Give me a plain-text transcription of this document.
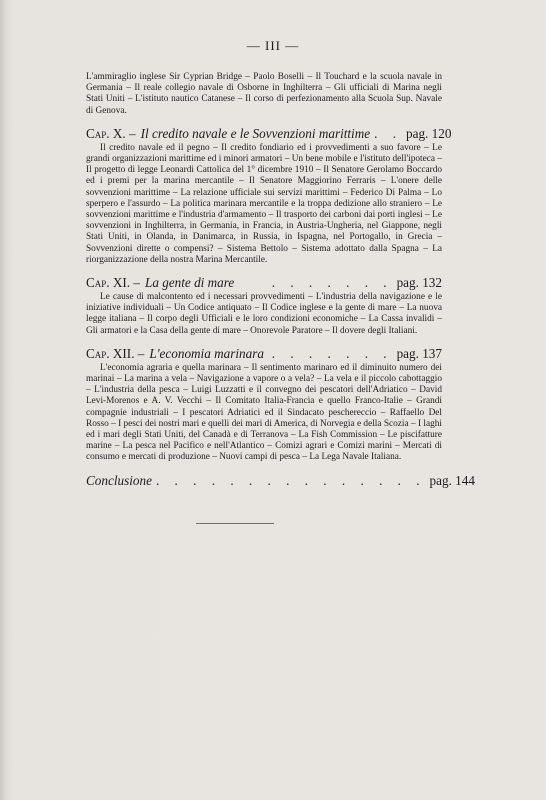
— III —

L'ammiraglio inglese Sir Cyprian Bridge – Paolo Boselli – Il Touchard e la scuola navale in Germania – Il reale collegio navale di Osborne in Inghilterra – Gli ufficiali di Marina negli Stati Uniti – L'istituto nautico Catanese – Il corso di perfezionamento alla Scuola Sup. Navale di Genova.

Cap. X. – Il credito navale e le Sovvenzioni marittime . . pag. 120

Il credito navale ed il pegno – Il credito fondiario ed i provvedimenti a suo favore – Le grandi organizzazioni marittime ed i minori armatori – Un bene mobile e l'istituto dell'ipoteca – Il progetto di legge Leonardi Cattolica del 1° dicembre 1910 – Il Senatore Gerolamo Boccardo ed i premi per la marina mercantile – Il Senatore Maggiorino Ferraris – L'onere delle sovvenzioni marittime – La relazione ufficiale sui servizi marittimi – Federico Di Palma – Lo sperpero e l'assurdo – La politica marinara mercantile e la troppa dedizione allo straniero – Le sovvenzioni marittime e l'industria d'armamento – Il trasporto dei carboni dai porti inglesi – Le sovvenzioni in Inghilterra, in Germania, in Francia, in Austria-Ungheria, nel Giappone, negli Stati Uniti, in Olanda, in Danimarca, in Russia, in Ispagna, nel Portogallo, in Grecia – Sovvenzioni dirette o compensi? – Sistema Bettolo – Sistema adottato dalla Spagna – La riorganizzazione della nostra Marina Mercantile.

Cap. XI. – La gente di mare	. . . . . . . pag. 132

Le cause di malcontento ed i necessari provvedimenti – L'industria della navigazione e le iniziative individuali – Un Codice antiquato – Il Codice inglese e la gente di mare – La nuova legge italiana – Il corpo degli Ufficiali e le loro condizioni economiche – La Cassa invalidi – Gli armatori e la Casa della gente di mare – Onorevole Paratore – Il dovere degli Italiani.

Cap. XII. – L'economia marinara . . . . . . . pag. 137

L'economia agraria e quella marinara – Il sentimento marinaro ed il diminuito numero dei marinai – La marina a vela – Navigazione a vapore o a vela? – La vela e il piccolo cabottaggio – L'industria della pesca – Luigi Luzzatti e il convegno dei pescatori dell'Adriatico – David Levi-Morenos e A. V. Vecchi – Il Comitato Italia-Francia e quello Franco-Italie – Grandi compagnie industriali – I pescatori Adriatici ed il Sindacato peschereccio – Raffaello Del Rosso – I pesci dei nostri mari e quelli dei mari di America, di Norvegia e della Scozia – I laghi ed i mari degli Stati Uniti, del Canadà e di Terranova – La Fish Commission – Le piscifatture marine – La pesca nel Pacifico e nell'Atlantico – Comizi agrari e Comizi marini – Mercati di consumo e mercati di produzione – Nuovi campi di pesca – La Lega Navale Italiana.

Conclusione . . . . . . . . . . . . . . . pag. 144
